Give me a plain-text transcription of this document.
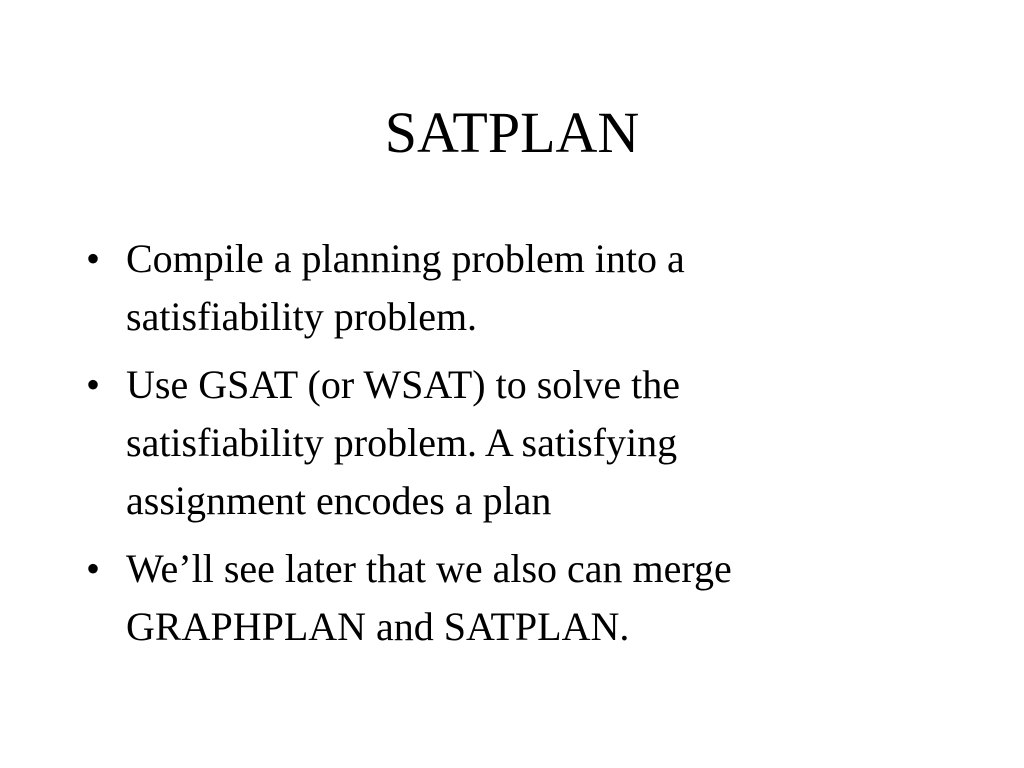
SATPLAN
• Compile a planning problem into a
satisfiability problem.
• Use GSAT (or WSAT) to solve the
satisfiability problem. A satisfying
assignment encodes a plan
• We’ll see later that we also can merge
GRAPHPLAN and SATPLAN.
